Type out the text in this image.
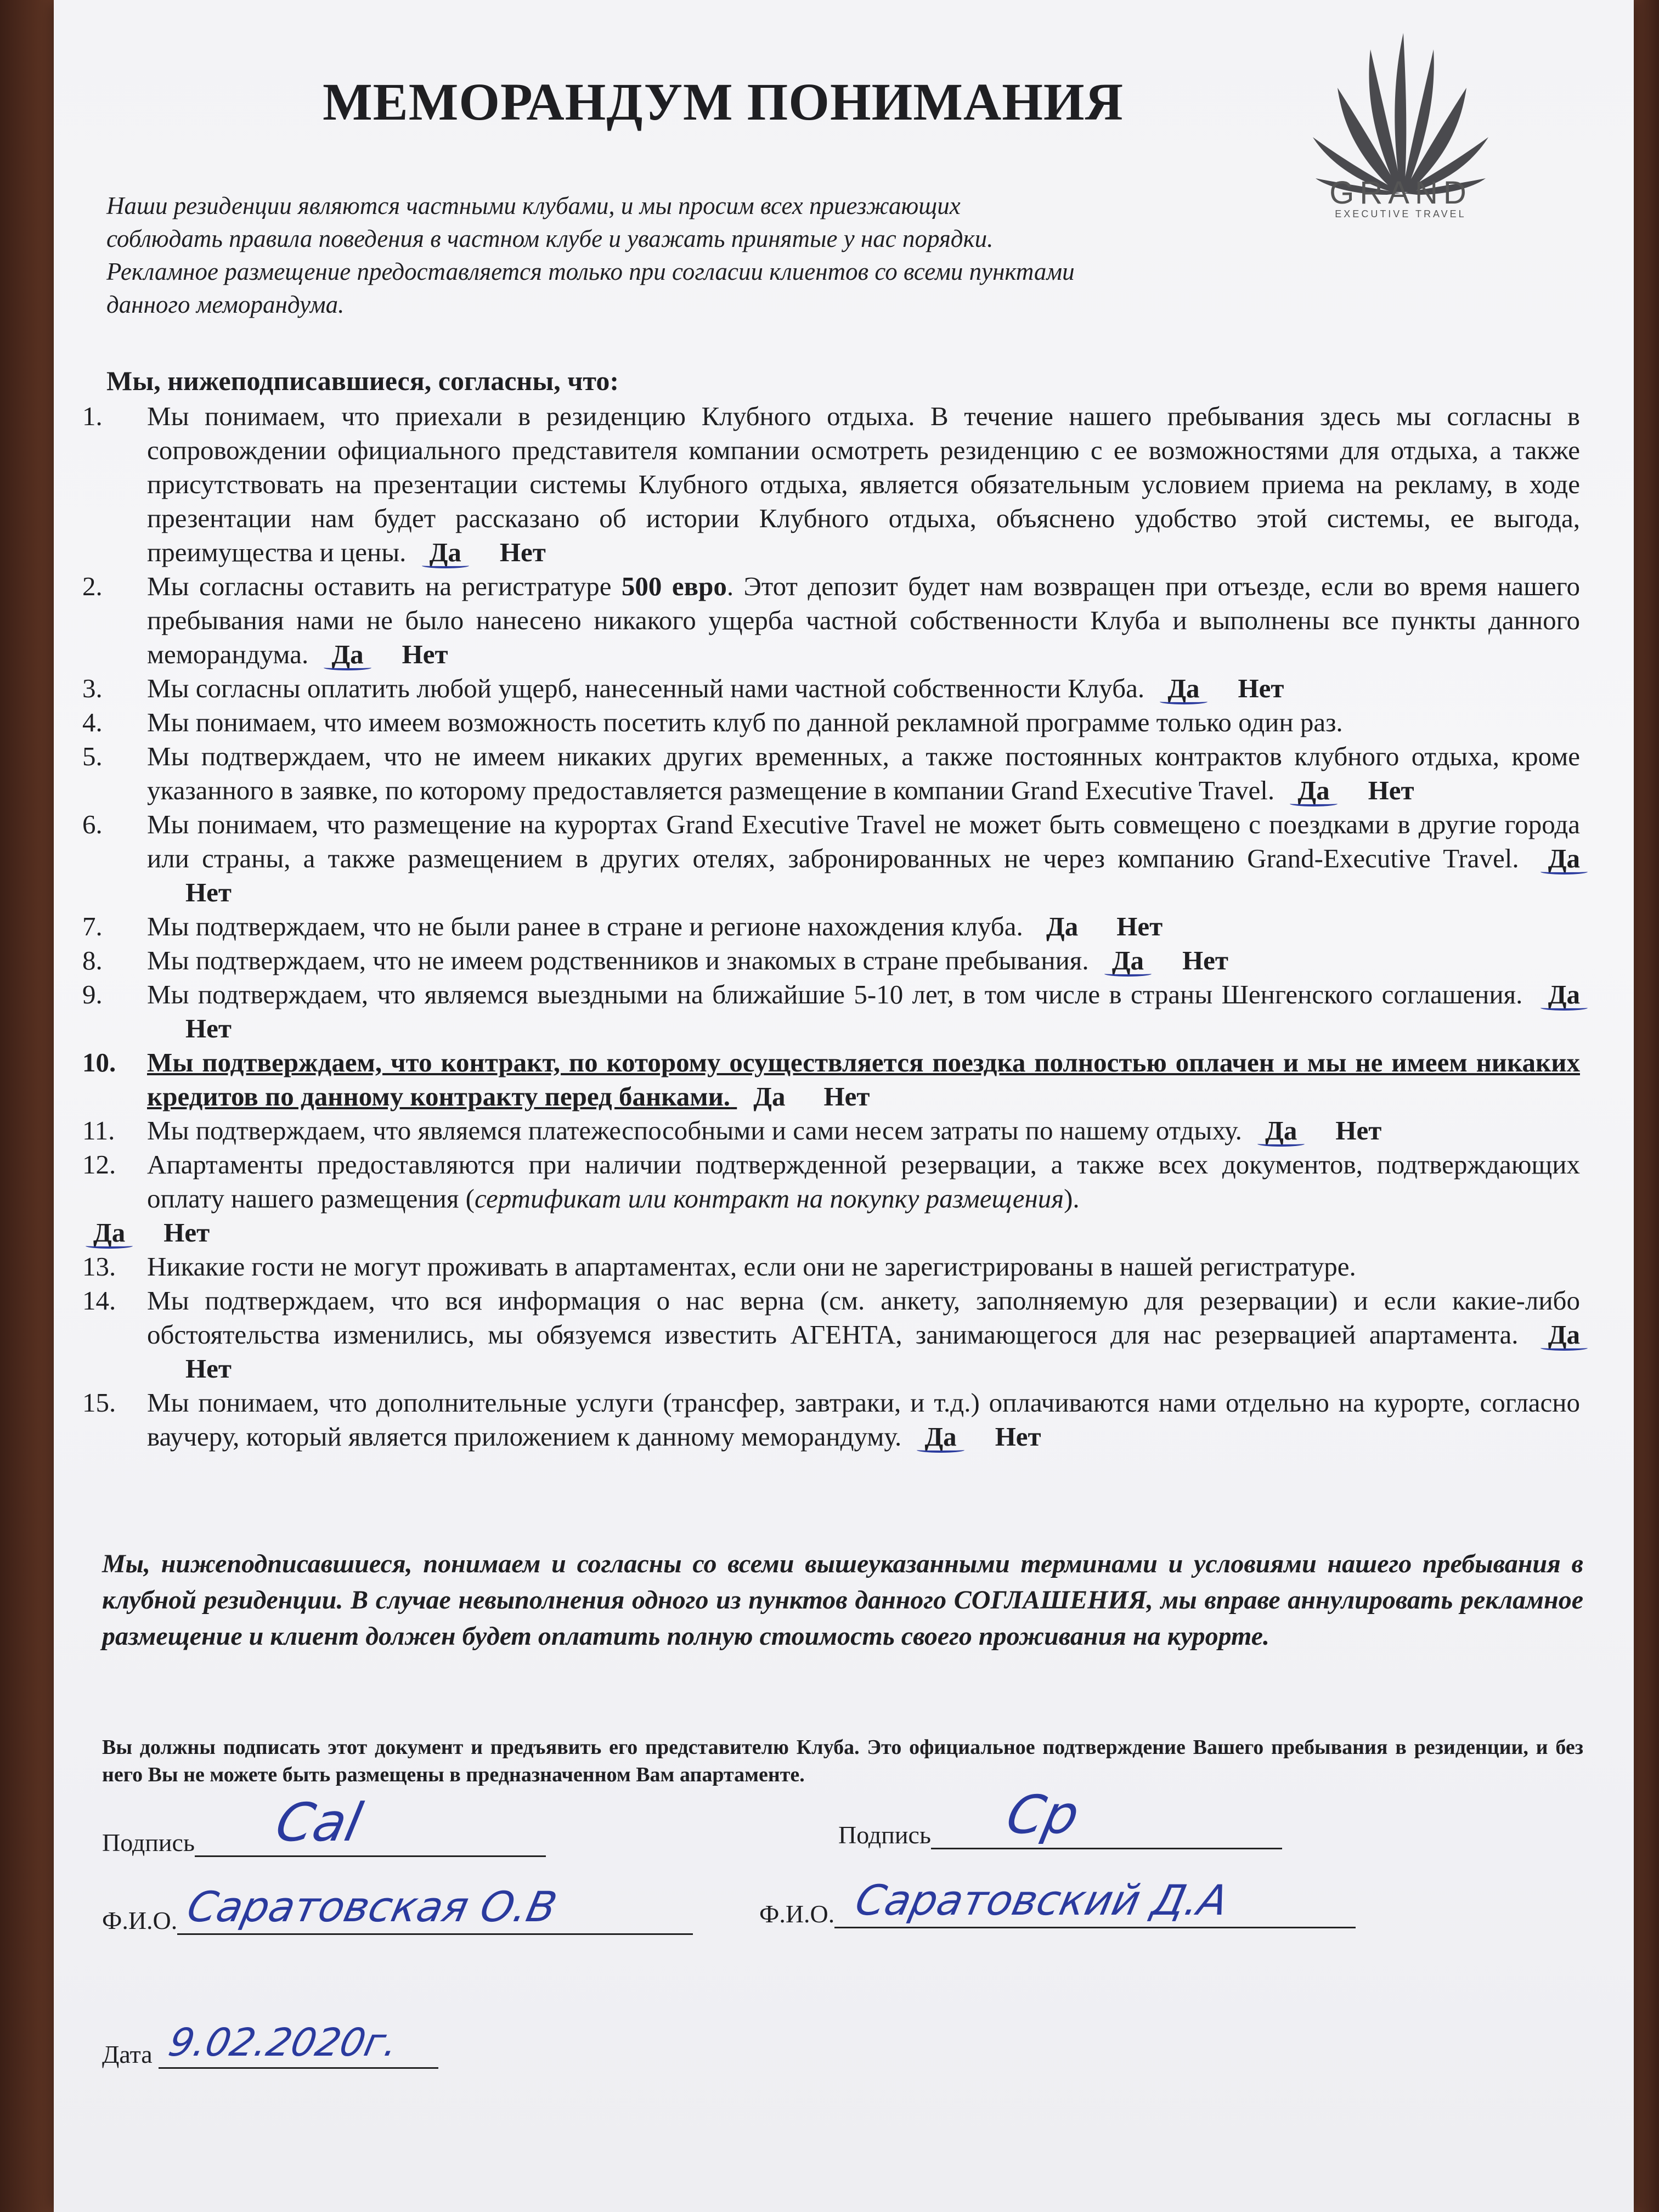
МЕМОРАНДУМ ПОНИМАНИЯ
GRAND
EXECUTIVE TRAVEL
Наши резиденции являются частными клубами, и мы просим всех приезжающих
соблюдать правила поведения в частном клубе и уважать принятые у нас порядки.
Рекламное размещение предоставляется только при согласии клиентов со всеми пунктами
данного меморандума.
Мы, нижеподписавшиеся, согласны, что:
1.	Мы понимаем, что приехали в резиденцию Клубного отдыха. В течение нашего пребывания здесь мы согласны в сопровождении официального представителя компании осмотреть резиденцию с ее возможностями для отдыха, а также присутствовать на презентации системы Клубного отдыха, является обязательным условием приема на рекламу, в ходе презентации нам будет рассказано об истории Клубного отдыха, объяснено удобство этой системы, ее выгода, преимущества и цены. Да Нет
2.	Мы согласны оставить на регистратуре 500 евро. Этот депозит будет нам возвращен при отъезде, если во время нашего пребывания нами не было нанесено никакого ущерба частной собственности Клуба и выполнены все пункты данного меморандума. Да Нет
3.	Мы согласны оплатить любой ущерб, нанесенный нами частной собственности Клуба. Да Нет
4.	Мы понимаем, что имеем возможность посетить клуб по данной рекламной программе только один раз.
5.	Мы подтверждаем, что не имеем никаких других временных, а также постоянных контрактов клубного отдыха, кроме указанного в заявке, по которому предоставляется размещение в компании Grand Executive Travel. Да Нет
6.	Мы понимаем, что размещение на курортах Grand Executive Travel не может быть совмещено с поездками в другие города или страны, а также размещением в других отелях, забронированных не через компанию Grand-Executive Travel. Да
Нет
7.	Мы подтверждаем, что не были ранее в стране и регионе нахождения клуба. Да Нет
8.	Мы подтверждаем, что не имеем родственников и знакомых в стране пребывания. Да Нет
9.	Мы подтверждаем, что являемся выездными на ближайшие 5-10 лет, в том числе в страны Шенгенского соглашения. Да
Нет
10.	Мы подтверждаем, что контракт, по которому осуществляется поездка полностью оплачен и мы не имеем никаких кредитов по данному контракту перед банками. Да Нет
11.	Мы подтверждаем, что являемся платежеспособными и сами несем затраты по нашему отдыху. Да Нет
12.	Апартаменты предоставляются при наличии подтвержденной резервации, а также всех документов, подтверждающих оплату нашего размещения (сертификат или контракт на покупку размещения).
Да Нет
13.	Никакие гости не могут проживать в апартаментах, если они не зарегистрированы в нашей регистратуре.
14.	Мы подтверждаем, что вся информация о нас верна (см. анкету, заполняемую для резервации) и если какие-либо обстоятельства изменились, мы обязуемся известить АГЕНТА, занимающегося для нас резервацией апартамента. Да
Нет
15.	Мы понимаем, что дополнительные услуги (трансфер, завтраки, и т.д.) оплачиваются нами отдельно на курорте, согласно ваучеру, который является приложением к данному меморандуму. Да Нет
Мы, нижеподписавшиеся, понимаем и согласны со всеми вышеуказанными терминами и условиями нашего пребывания в клубной резиденции. В случае невыполнения одного из пунктов данного СОГЛАШЕНИЯ, мы вправе аннулировать рекламное размещение и клиент должен будет оплатить полную стоимость своего проживания на курорте.
Вы должны подписать этот документ и предъявить его представителю Клуба. Это официальное подтверждение Вашего пребывания в резиденции, и без него Вы не можете быть размещены в предназначенном Вам апартаменте.
Подпись Саl	Подпись Ср
Ф.И.О. Саратовская О.В	Ф.И.О. Саратовский Д.А
Дата 9.02.2020г.
